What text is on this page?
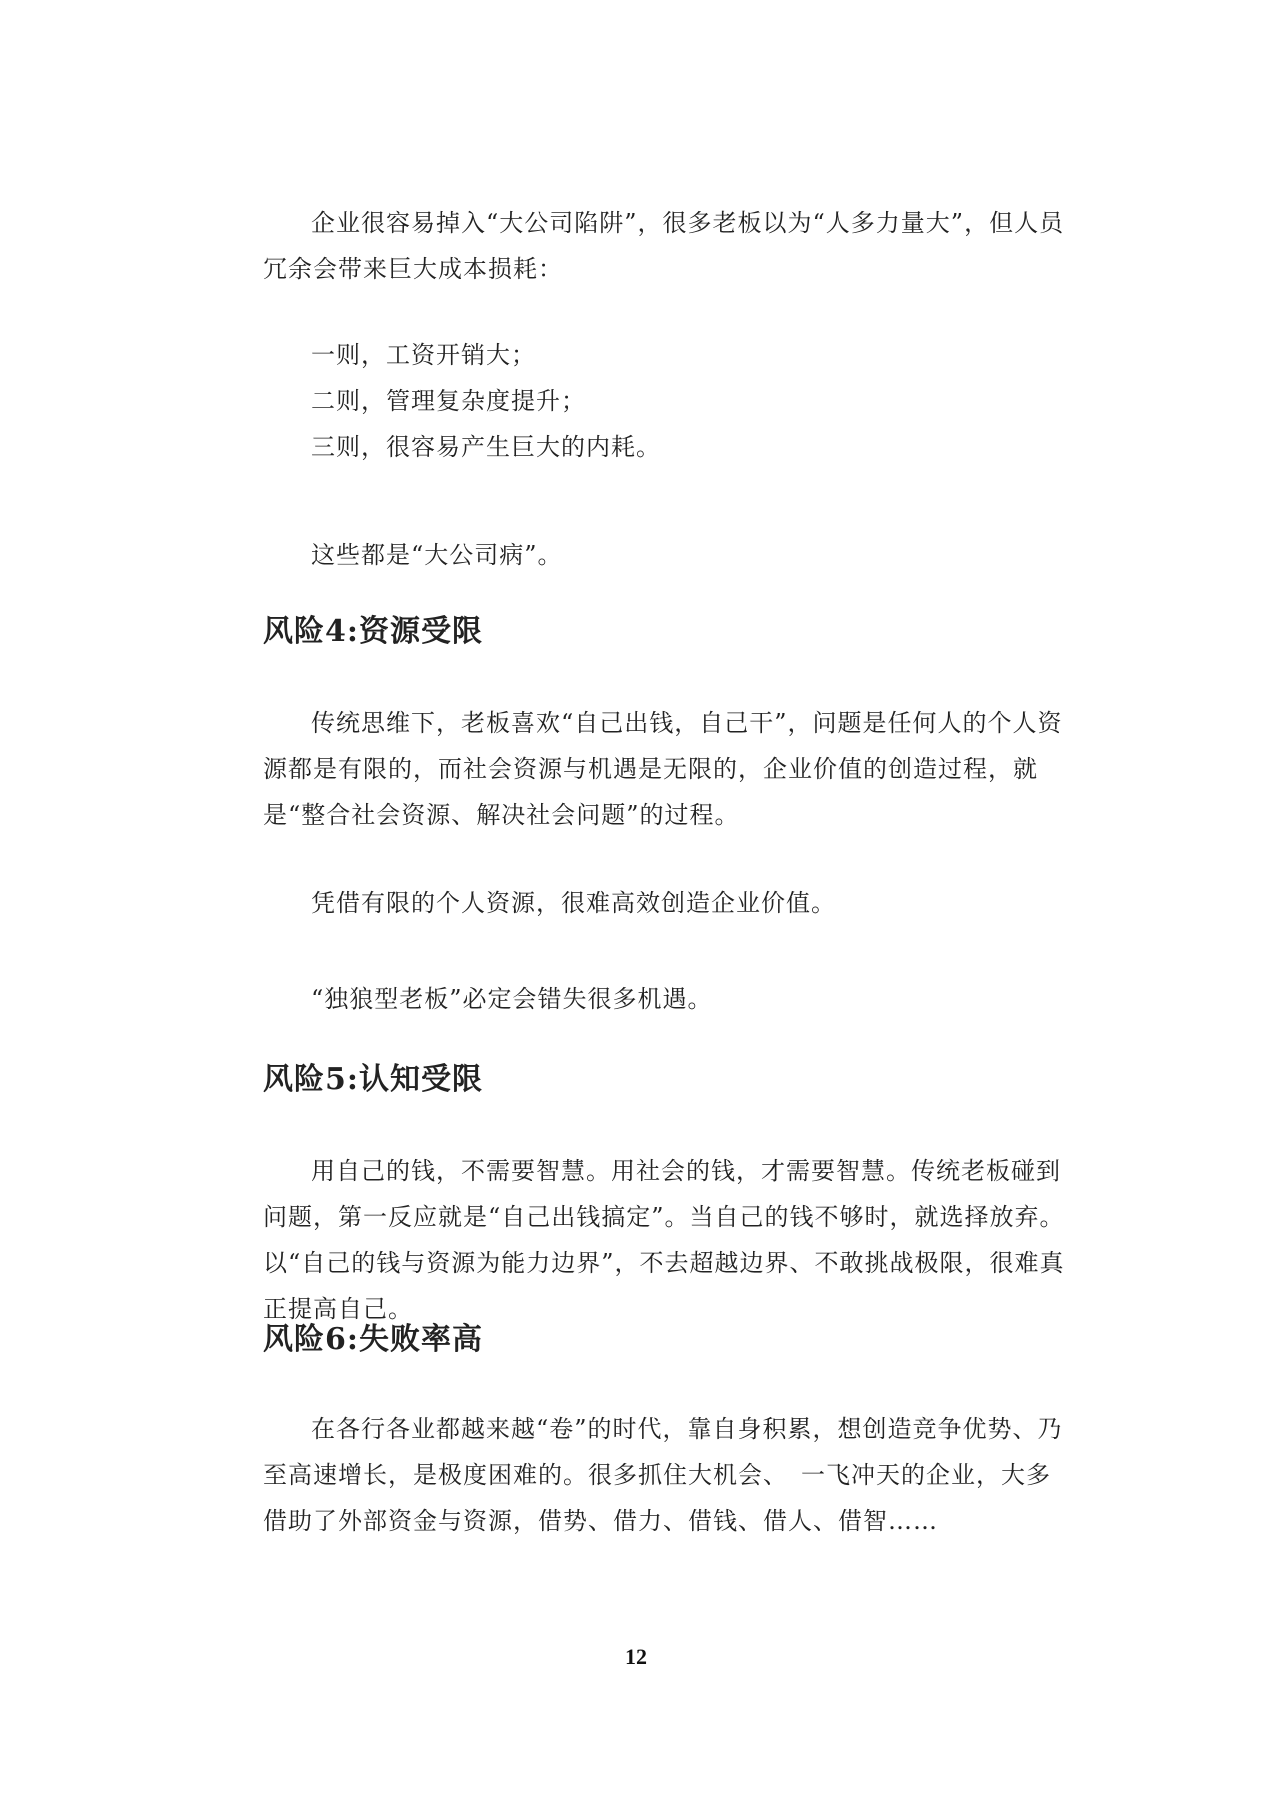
企业很容易掉入“大公司陷阱”，很多老板以为“人多力量大”，但人员冗余会带来巨大成本损耗：

一则，工资开销大；
二则，管理复杂度提升；
三则，很容易产生巨大的内耗。

这些都是“大公司病”。

风险4:资源受限

传统思维下，老板喜欢“自己出钱，自己干”，问题是任何人的个人资源都是有限的，而社会资源与机遇是无限的，企业价值的创造过程，就是“整合社会资源、解决社会问题”的过程。

凭借有限的个人资源，很难高效创造企业价值。

“独狼型老板”必定会错失很多机遇。

风险5:认知受限

用自己的钱，不需要智慧。用社会的钱，才需要智慧。传统老板碰到问题，第一反应就是“自己出钱搞定”。当自己的钱不够时，就选择放弃。以“自己的钱与资源为能力边界”，不去超越边界、不敢挑战极限，很难真正提高自己。

风险6:失败率高

在各行各业都越来越“卷”的时代，靠自身积累，想创造竞争优势、乃至高速增长，是极度困难的。很多抓住大机会、　一飞冲天的企业，大多借助了外部资金与资源，借势、借力、借钱、借人、借智……

12
